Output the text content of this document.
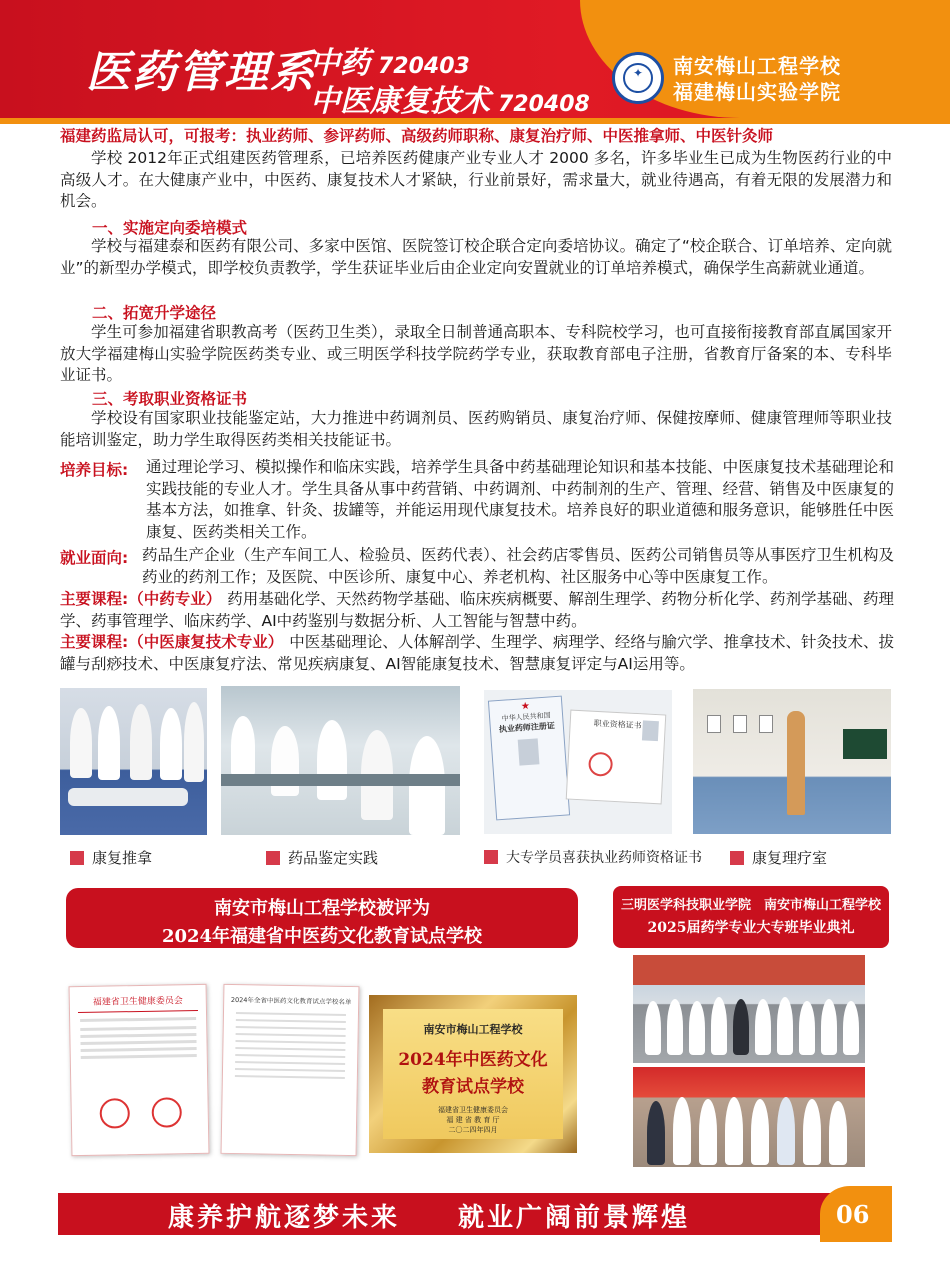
医药管理系
中药 720403
中医康复技术 720408
✦	南安梅山工程学校
福建梅山实验学院
福建药监局认可，可报考：执业药师、参评药师、高级药师职称、康复治疗师、中医推拿师、中医针灸师
学校 2012年正式组建医药管理系，已培养医药健康产业专业人才 2000 多名，许多毕业生已成为生物医药行业的中高级人才。在大健康产业中，中医药、康复技术人才紧缺，行业前景好，需求量大，就业待遇高，有着无限的发展潜力和机会。
一、实施定向委培模式
学校与福建泰和医药有限公司、多家中医馆、医院签订校企联合定向委培协议。确定了“校企联合、订单培养、定向就业”的新型办学模式，即学校负责教学，学生获证毕业后由企业定向安置就业的订单培养模式，确保学生高薪就业通道。
二、拓宽升学途径
学生可参加福建省职教高考（医药卫生类），录取全日制普通高职本、专科院校学习，也可直接衔接教育部直属国家开放大学福建梅山实验学院医药类专业、或三明医学科技学院药学专业，获取教育部电子注册，省教育厅备案的本、专科毕业证书。
三、考取职业资格证书
学校设有国家职业技能鉴定站，大力推进中药调剂员、医药购销员、康复治疗师、保健按摩师、健康管理师等职业技能培训鉴定，助力学生取得医药类相关技能证书。
培养目标: 通过理论学习、模拟操作和临床实践，培养学生具备中药基础理论知识和基本技能、中医康复技术基础理论和实践技能的专业人才。学生具备从事中药营销、中药调剂、中药制剂的生产、管理、经营、销售及中医康复的基本方法，如推拿、针灸、拔罐等，并能运用现代康复技术。培养良好的职业道德和服务意识，能够胜任中医康复、医药类相关工作。
就业面向: 药品生产企业（生产车间工人、检验员、医药代表）、社会药店零售员、医药公司销售员等从事医疗卫生机构及药业的药剂工作；及医院、中医诊所、康复中心、养老机构、社区服务中心等中医康复工作。
主要课程:（中药专业） 药用基础化学、天然药物学基础、临床疾病概要、解剖生理学、药物分析化学、药剂学基础、药理学、药事管理学、临床药学、AI中药鉴别与数据分析、人工智能与智慧中药。
主要课程:（中医康复技术专业） 中医基础理论、人体解剖学、生理学、病理学、经络与腧穴学、推拿技术、针灸技术、拔罐与刮痧技术、中医康复疗法、常见疾病康复、AI智能康复技术、智慧康复评定与AI运用等。
★
中华人民共和国
执业药师注册证	职业资格证书
康复推拿	药品鉴定实践	大专学员喜获执业药师资格证书	康复理疗室
南安市梅山工程学校被评为
2024年福建省中医药文化教育试点学校
福建省卫生健康委员会	2024年全省中医药文化教育试点学校名单
南安市梅山工程学校
2024年中医药文化
教育试点学校
福建省卫生健康委员会
福 建 省 教 育 厅
二〇二四年四月
三明医学科技职业学院　南安市梅山工程学校
2025届药学专业大专班毕业典礼
康养护航逐梦未来　　就业广阔前景辉煌	06
